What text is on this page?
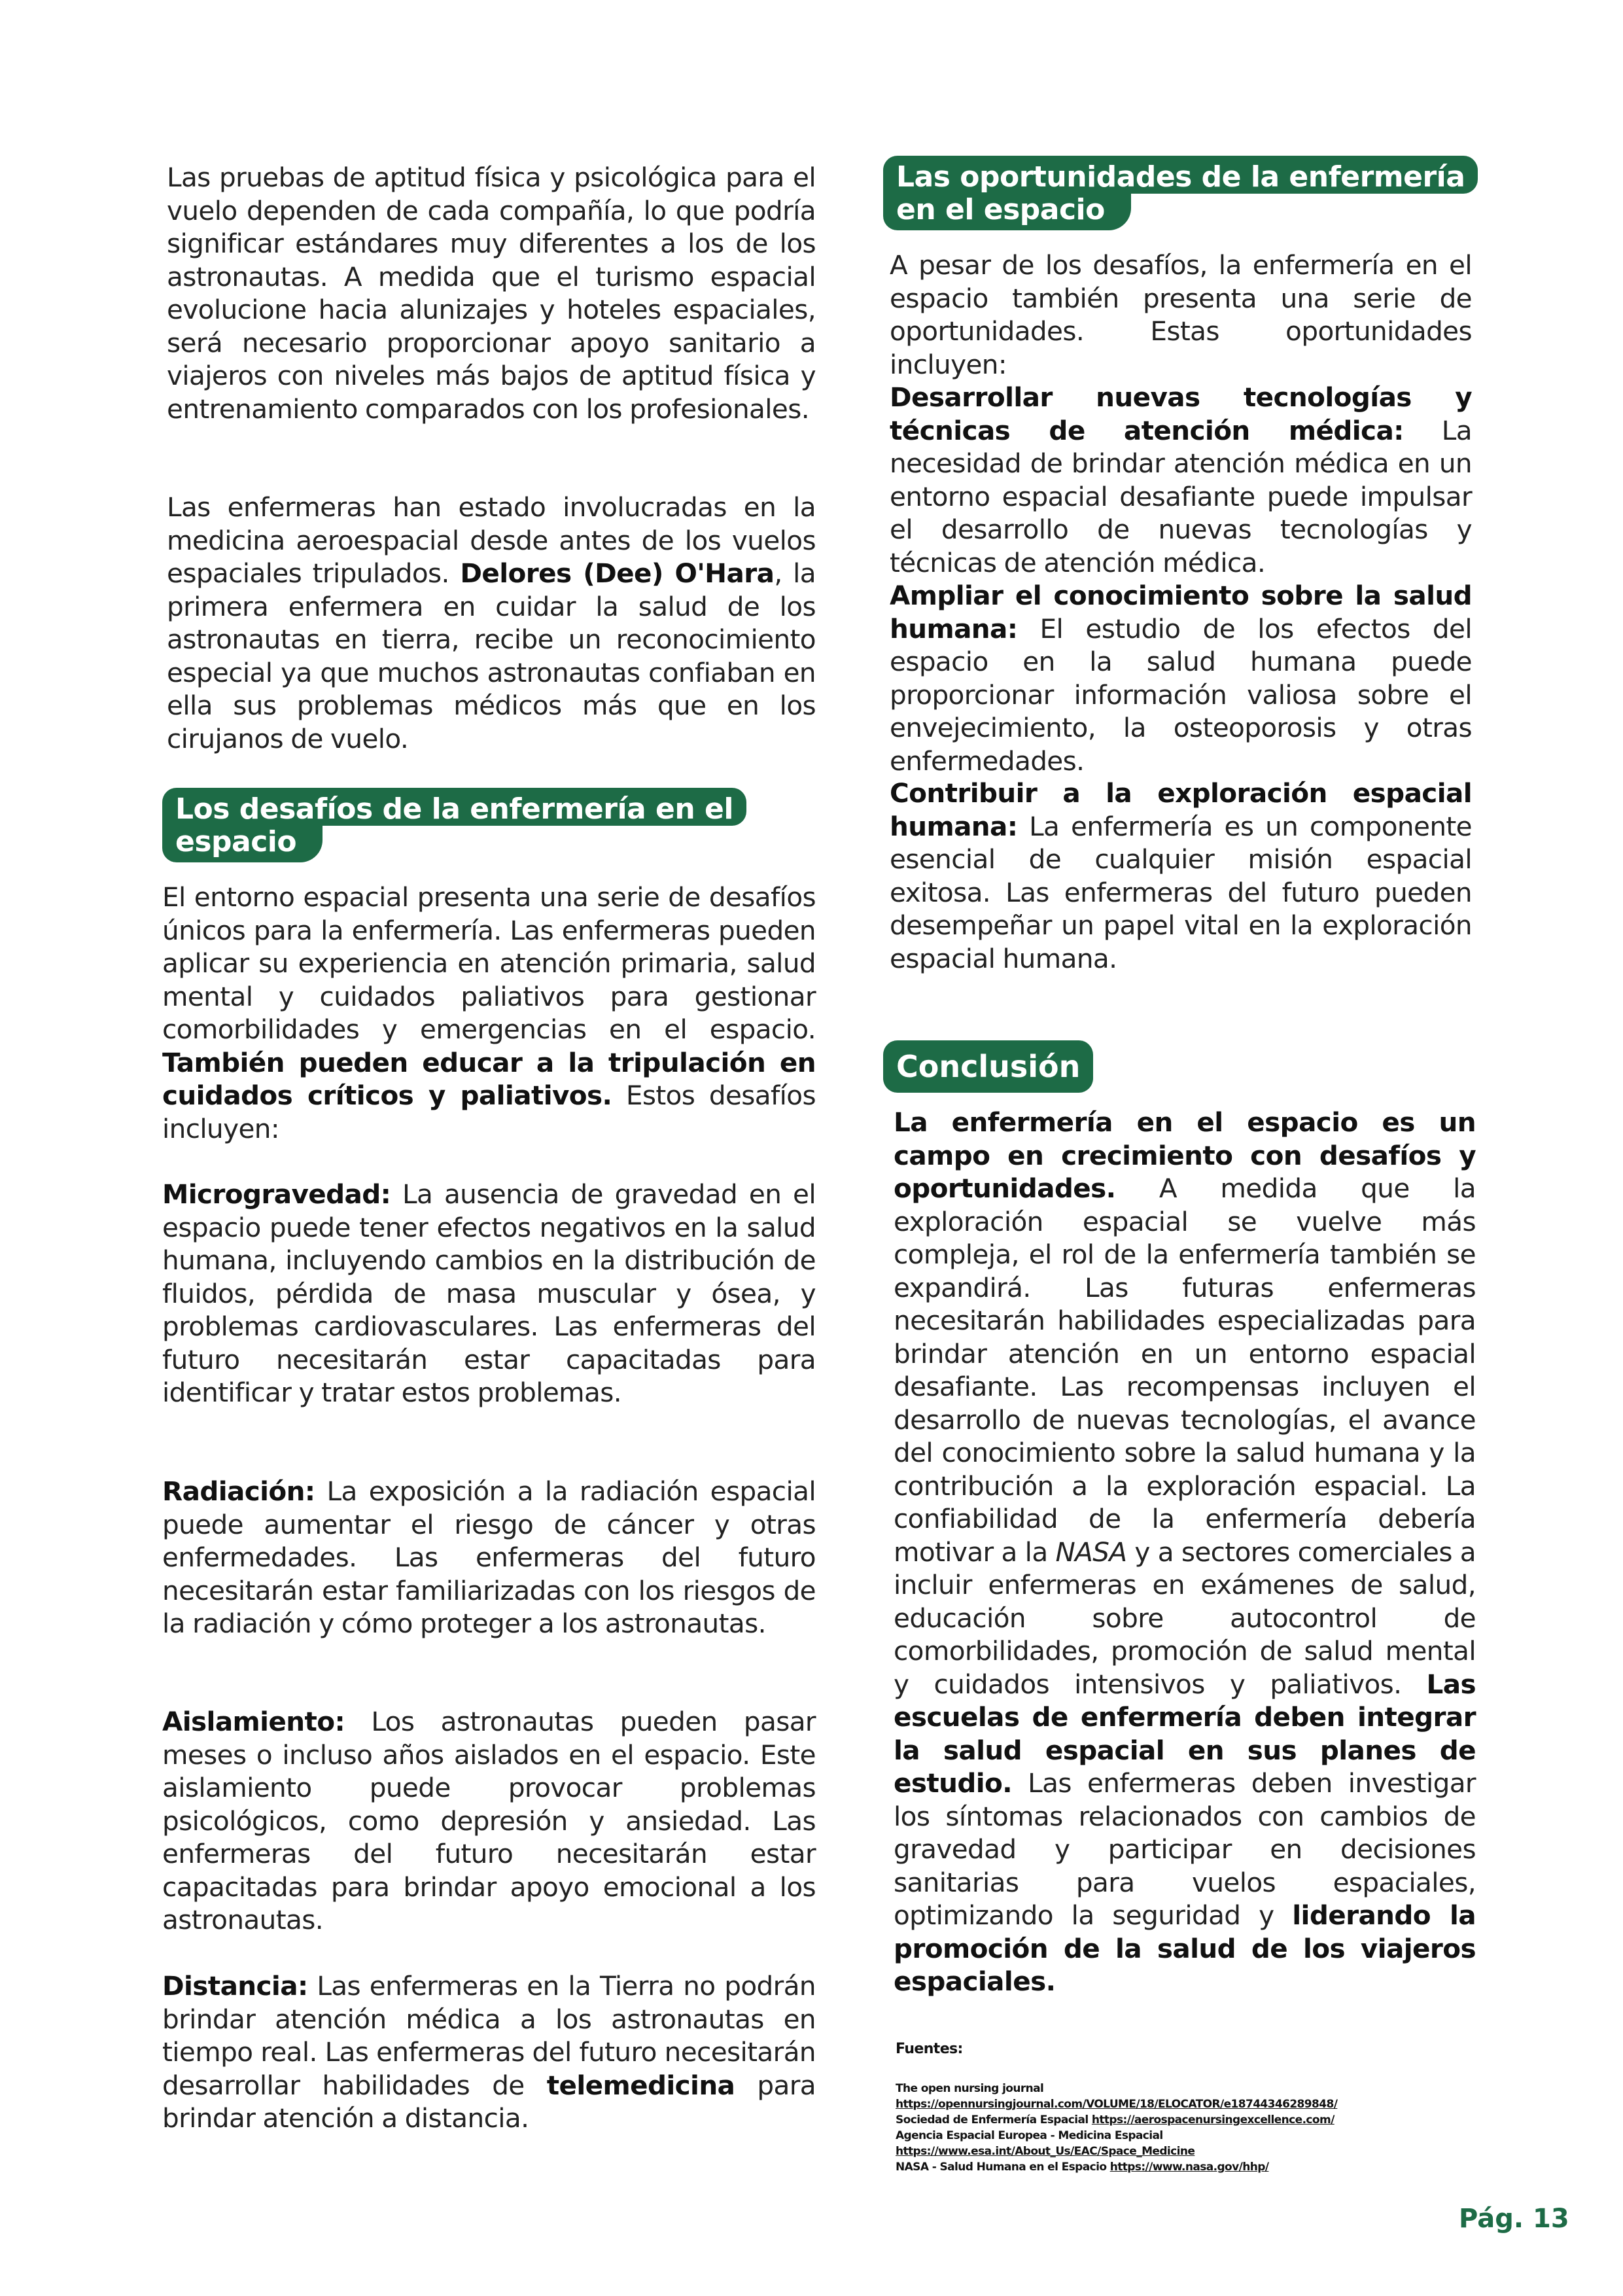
Las pruebas de aptitud física y psicológica para el vuelo dependen de cada compañía, lo que podría significar estándares muy diferentes a los de los astronautas. A medida que el turismo espacial evolucione hacia alunizajes y hoteles espaciales, será necesario proporcionar apoyo sanitario a viajeros con niveles más bajos de aptitud física y entrenamiento comparados con los profesionales.

Las enfermeras han estado involucradas en la medicina aeroespacial desde antes de los vuelos espaciales tripulados. Delores (Dee) O'Hara, la primera enfermera en cuidar la salud de los astronautas en tierra, recibe un reconocimiento especial ya que muchos astronautas confiaban en ella sus problemas médicos más que en los cirujanos de vuelo.

Los desafíos de la enfermería en el
espacio

El entorno espacial presenta una serie de desafíos únicos para la enfermería. Las enfermeras pueden aplicar su experiencia en atención primaria, salud mental y cuidados paliativos para gestionar comorbilidades y emergencias en el espacio. También pueden educar a la tripulación en cuidados críticos y paliativos. Estos desafíos incluyen:

Microgravedad: La ausencia de gravedad en el espacio puede tener efectos negativos en la salud humana, incluyendo cambios en la distribución de fluidos, pérdida de masa muscular y ósea, y problemas cardiovasculares. Las enfermeras del futuro necesitarán estar capacitadas para identificar y tratar estos problemas.

Radiación: La exposición a la radiación espacial puede aumentar el riesgo de cáncer y otras enfermedades. Las enfermeras del futuro necesitarán estar familiarizadas con los riesgos de la radiación y cómo proteger a los astronautas.

Aislamiento: Los astronautas pueden pasar meses o incluso años aislados en el espacio. Este aislamiento puede provocar problemas psicológicos, como depresión y ansiedad. Las enfermeras del futuro necesitarán estar capacitadas para brindar apoyo emocional a los astronautas.

Distancia: Las enfermeras en la Tierra no podrán brindar atención médica a los astronautas en tiempo real. Las enfermeras del futuro necesitarán desarrollar habilidades de telemedicina para brindar atención a distancia.

Las oportunidades de la enfermería
en el espacio

A pesar de los desafíos, la enfermería en el espacio también presenta una serie de oportunidades. Estas oportunidades incluyen:

Desarrollar nuevas tecnologías y técnicas de atención médica: La necesidad de brindar atención médica en un entorno espacial desafiante puede impulsar el desarrollo de nuevas tecnologías y técnicas de atención médica.

Ampliar el conocimiento sobre la salud humana: El estudio de los efectos del espacio en la salud humana puede proporcionar información valiosa sobre el envejecimiento, la osteoporosis y otras enfermedades.

Contribuir a la exploración espacial humana: La enfermería es un componente esencial de cualquier misión espacial exitosa. Las enfermeras del futuro pueden desempeñar un papel vital en la exploración espacial humana.

Conclusión

La enfermería en el espacio es un campo en crecimiento con desafíos y oportunidades. A medida que la exploración espacial se vuelve más compleja, el rol de la enfermería también se expandirá. Las futuras enfermeras necesitarán habilidades especializadas para brindar atención en un entorno espacial desafiante. Las recompensas incluyen el desarrollo de nuevas tecnologías, el avance del conocimiento sobre la salud humana y la contribución a la exploración espacial. La confiabilidad de la enfermería debería motivar a la NASA y a sectores comerciales a incluir enfermeras en exámenes de salud, educación sobre autocontrol de comorbilidades, promoción de salud mental y cuidados intensivos y paliativos. Las escuelas de enfermería deben integrar la salud espacial en sus planes de estudio. Las enfermeras deben investigar los síntomas relacionados con cambios de gravedad y participar en decisiones sanitarias para vuelos espaciales, optimizando la seguridad y liderando la promoción de la salud de los viajeros espaciales.

Fuentes:
The open nursing journal
https://opennursingjournal.com/VOLUME/18/ELOCATOR/e18744346289848/
Sociedad de Enfermería Espacial https://aerospacenursingexcellence.com/
Agencia Espacial Europea - Medicina Espacial
https://www.esa.int/About_Us/EAC/Space_Medicine
NASA - Salud Humana en el Espacio https://www.nasa.gov/hhp/
Pág. 13
